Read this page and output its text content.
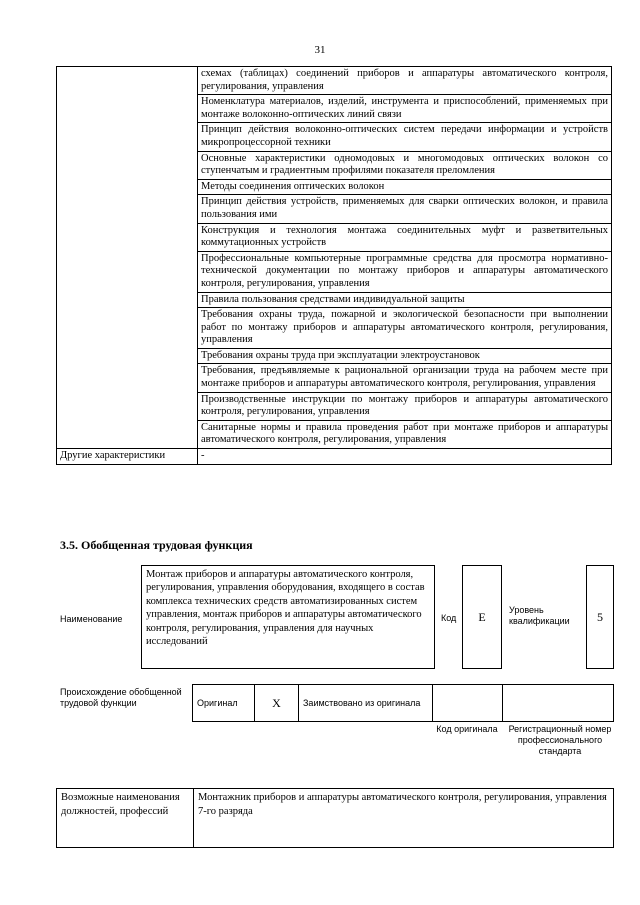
31
	схемах (таблицах) соединений приборов и аппаратуры автоматического контроля, регулирования, управления
	Номенклатура материалов, изделий, инструмента и приспособлений, применяемых при монтаже волоконно-оптических линий связи
	Принцип действия волоконно-оптических систем передачи информации и устройств микропроцессорной техники
	Основные характеристики одномодовых и многомодовых оптических волокон со ступенчатым и градиентным профилями показателя преломления
	Методы соединения оптических волокон
	Принцип действия устройств, применяемых для сварки оптических волокон, и правила пользования ими
	Конструкция и технология монтажа соединительных муфт и разветвительных коммутационных устройств
	Профессиональные компьютерные программные средства для просмотра нормативно-технической документации по монтажу приборов и аппаратуры автоматического контроля, регулирования, управления
	Правила пользования средствами индивидуальной защиты
	Требования охраны труда, пожарной и экологической безопасности при выполнении работ по монтажу приборов и аппаратуры автоматического контроля, регулирования, управления
	Требования охраны труда при эксплуатации электроустановок
	Требования, предъявляемые к рациональной организации труда на рабочем месте при монтаже приборов и аппаратуры автоматического контроля, регулирования, управления
	Производственные инструкции по монтажу приборов и аппаратуры автоматического контроля, регулирования, управления
	Санитарные нормы и правила проведения работ при монтаже приборов и аппаратуры автоматического контроля, регулирования, управления
Другие характеристики	-
3.5. Обобщенная трудовая функция
Наименование
Монтаж приборов и аппаратуры автоматического контроля, регулирования, управления оборудования, входящего в состав комплекса технических средств автоматизированных систем управления, монтаж приборов и аппаратуры автоматического контроля, регулирования, управления для научных исследований
Код	E	Уровень квалификации	5
Происхождение обобщенной трудовой функции	Оригинал	X	Заимствовано из оригинала		
Код оригинала	Регистрационный номер профессионального стандарта
Возможные наименования должностей, профессий	Монтажник приборов и аппаратуры автоматического контроля, регулирования, управления 7-го разряда
